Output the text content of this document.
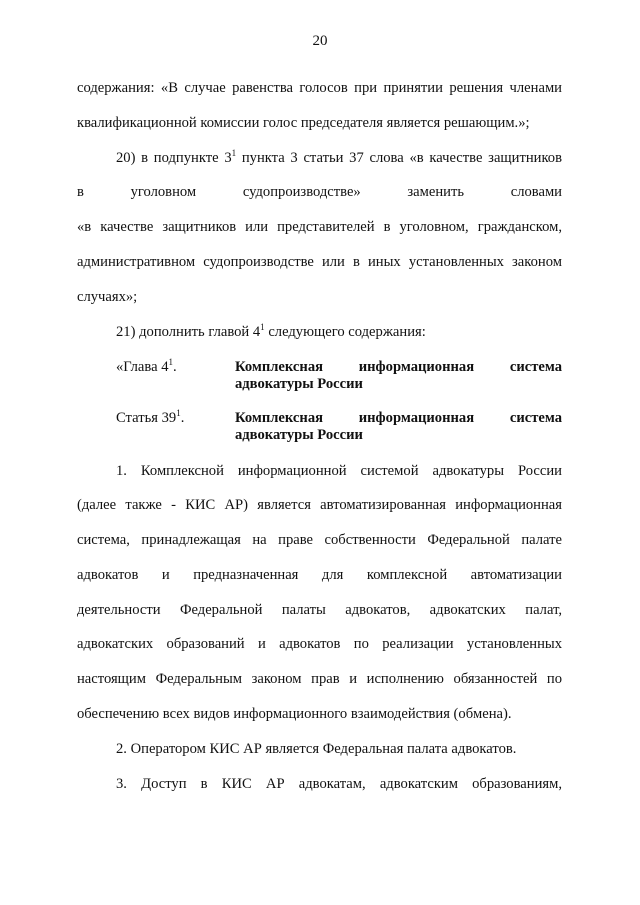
20
содержания: «В случае равенства голосов при принятии решения членами
квалификационной комиссии голос председателя является решающим.»;
20) в подпункте $3^1$ пункта 3 статьи 37 слова «в качестве защитников
в уголовном судопроизводстве» заменить словами
«в качестве защитников или представителей в уголовном, гражданском,
административном судопроизводстве или в иных установленных законом
случаях»;
21) дополнить главой $4^1$ следующего содержания:
«Глава $4^1$.	Комплексная информационная система
адвокатуры России
Статья $39^1$.	Комплексная информационная система
адвокатуры России
1. Комплексной информационной системой адвокатуры России
(далее также - КИС АР) является автоматизированная информационная
система, принадлежащая на праве собственности Федеральной палате
адвокатов и предназначенная для комплексной автоматизации
деятельности Федеральной палаты адвокатов, адвокатских палат,
адвокатских образований и адвокатов по реализации установленных
настоящим Федеральным законом прав и исполнению обязанностей по
обеспечению всех видов информационного взаимодействия (обмена).
2. Оператором КИС АР является Федеральная палата адвокатов.
3. Доступ в КИС АР адвокатам, адвокатским образованиям,
